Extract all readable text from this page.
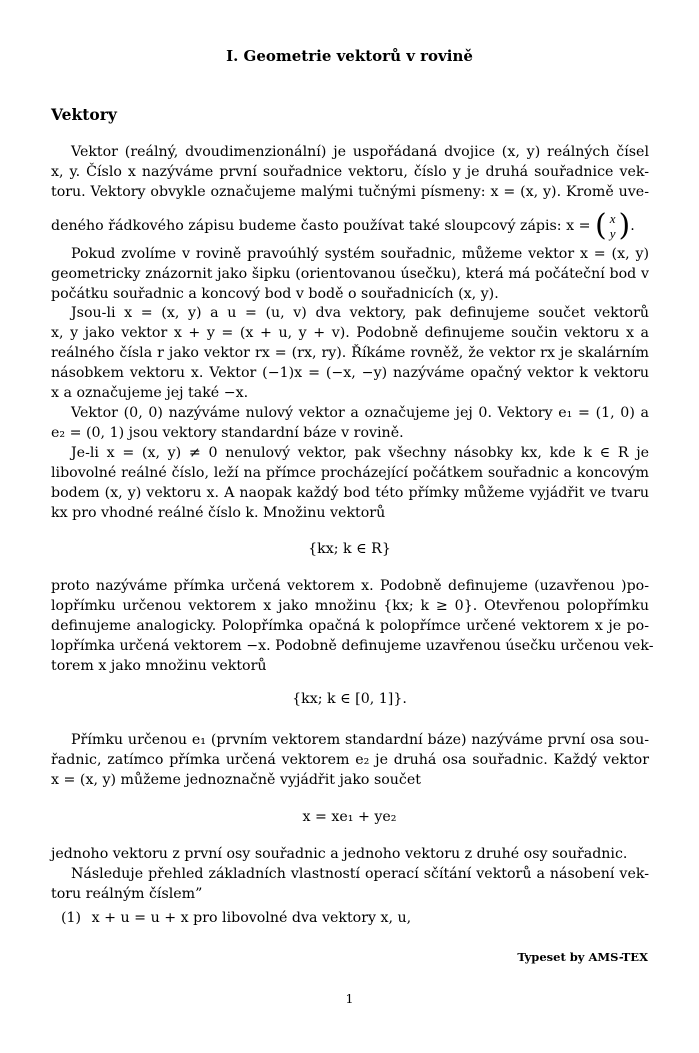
I. Geometrie vektorů v rovině
Vektory
Vektor (reálný, dvoudimenzionální) je uspořádaná dvojice (x, y) reálných čísel
x, y. Číslo x nazýváme první souřadnice vektoru, číslo y je druhá souřadnice vek-
toru. Vektory obvykle označujeme malými tučnými písmeny: x = (x, y). Kromě uve-
deného řádkového zápisu budeme často používat také sloupcový zápis: x = ( x
y ) .
Pokud zvolíme v rovině pravoúhlý systém souřadnic, můžeme vektor x = (x, y)
geometricky znázornit jako šipku (orientovanou úsečku), která má počáteční bod v
počátku souřadnic a koncový bod v bodě o souřadnicích (x, y).
Jsou-li x = (x, y) a u = (u, v) dva vektory, pak definujeme součet vektorů
x, y jako vektor x + y = (x + u, y + v). Podobně definujeme součin vektoru x a
reálného čísla r jako vektor rx = (rx, ry). Říkáme rovněž, že vektor rx je skalárním
násobkem vektoru x. Vektor (−1)x = (−x, −y) nazýváme opačný vektor k vektoru
x a označujeme jej také −x.
Vektor (0, 0) nazýváme nulový vektor a označujeme jej 0. Vektory e₁ = (1, 0) a
e₂ = (0, 1) jsou vektory standardní báze v rovině.
Je-li x = (x, y) ≠ 0 nenulový vektor, pak všechny násobky kx, kde k ∈ R je
libovolné reálné číslo, leží na přímce procházející počátkem souřadnic a koncovým
bodem (x, y) vektoru x. A naopak každý bod této přímky můžeme vyjádřit ve tvaru
kx pro vhodné reálné číslo k. Množinu vektorů
{kx; k ∈ R}
proto nazýváme přímka určená vektorem x. Podobně definujeme (uzavřenou )po-
lopřímku určenou vektorem x jako množinu {kx; k ≥ 0}. Otevřenou polopřímku
definujeme analogicky. Polopřímka opačná k polopřímce určené vektorem x je po-
lopřímka určená vektorem −x. Podobně definujeme uzavřenou úsečku určenou vek-
torem x jako množinu vektorů
{kx; k ∈ [0, 1]}.
Přímku určenou e₁ (prvním vektorem standardní báze) nazýváme první osa sou-
řadnic, zatímco přímka určená vektorem e₂ je druhá osa souřadnic. Každý vektor
x = (x, y) můžeme jednoznačně vyjádřit jako součet
x = xe₁ + ye₂
jednoho vektoru z první osy souřadnic a jednoho vektoru z druhé osy souřadnic.
Následuje přehled základních vlastností operací sčítání vektorů a násobení vek-
toru reálným číslem”
(1) x + u = u + x pro libovolné dva vektory x, u,
Typeset by AMS-TEX
1
